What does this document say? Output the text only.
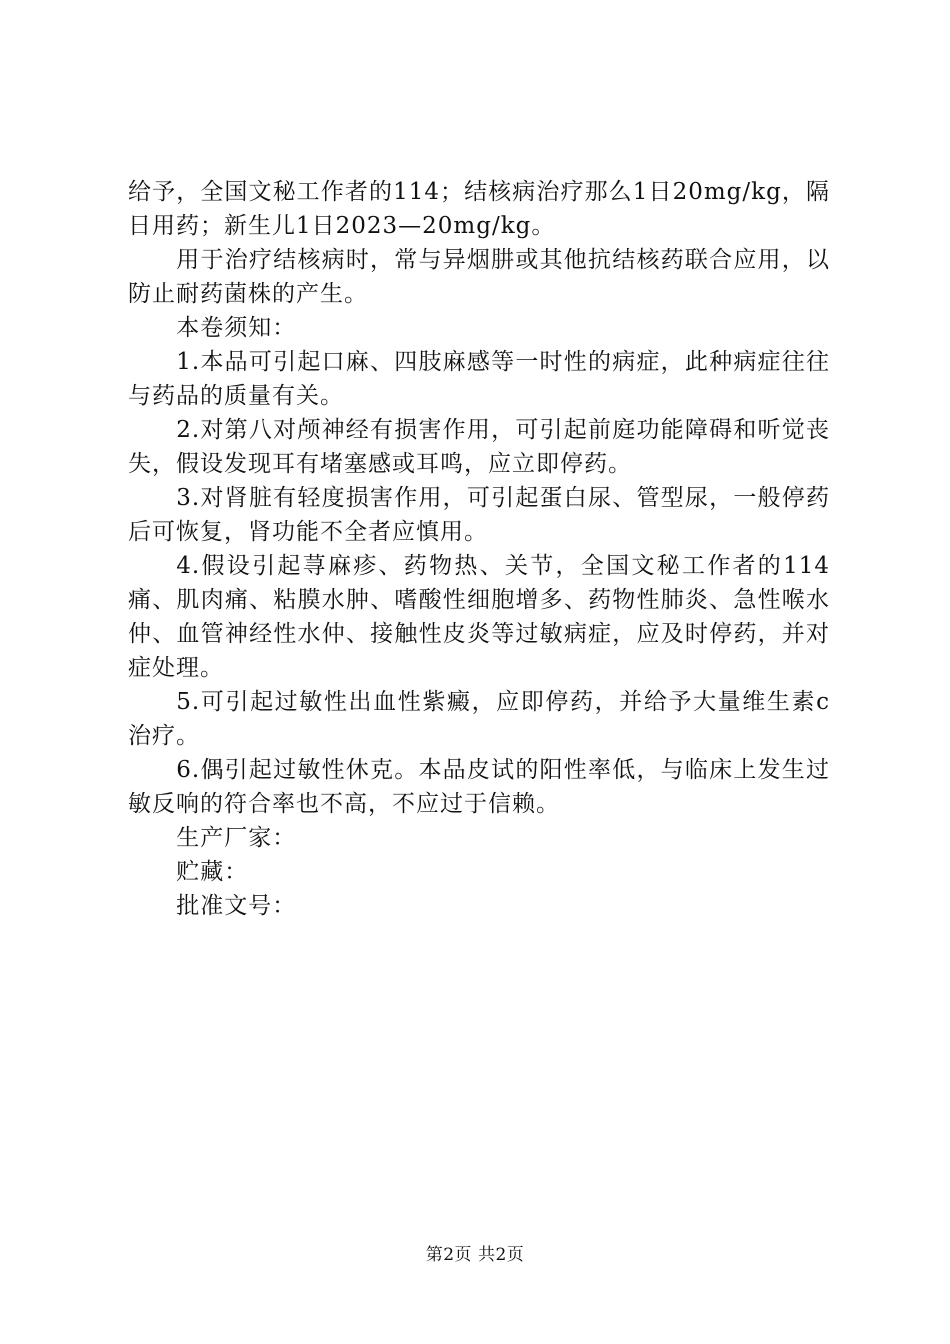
给予，全国文秘工作者的114；结核病治疗那么1日20mg/kg，隔日用药；新生儿1日2023—20mg/kg。

用于治疗结核病时，常与异烟肼或其他抗结核药联合应用，以防止耐药菌株的产生。

本卷须知：

1.本品可引起口麻、四肢麻感等一时性的病症，此种病症往往与药品的质量有关。

2.对第八对颅神经有损害作用，可引起前庭功能障碍和听觉丧失，假设发现耳有堵塞感或耳鸣，应立即停药。

3.对肾脏有轻度损害作用，可引起蛋白尿、管型尿，一般停药后可恢复，肾功能不全者应慎用。

4.假设引起荨麻疹、药物热、关节，全国文秘工作者的114痛、肌肉痛、粘膜水肿、嗜酸性细胞增多、药物性肺炎、急性喉水仲、血管神经性水仲、接触性皮炎等过敏病症，应及时停药，并对症处理。

5.可引起过敏性出血性紫癜，应即停药，并给予大量维生素c治疗。

6.偶引起过敏性休克。本品皮试的阳性率低，与临床上发生过敏反响的符合率也不高，不应过于信赖。

生产厂家：

贮藏：

批准文号：

第2页 共2页
